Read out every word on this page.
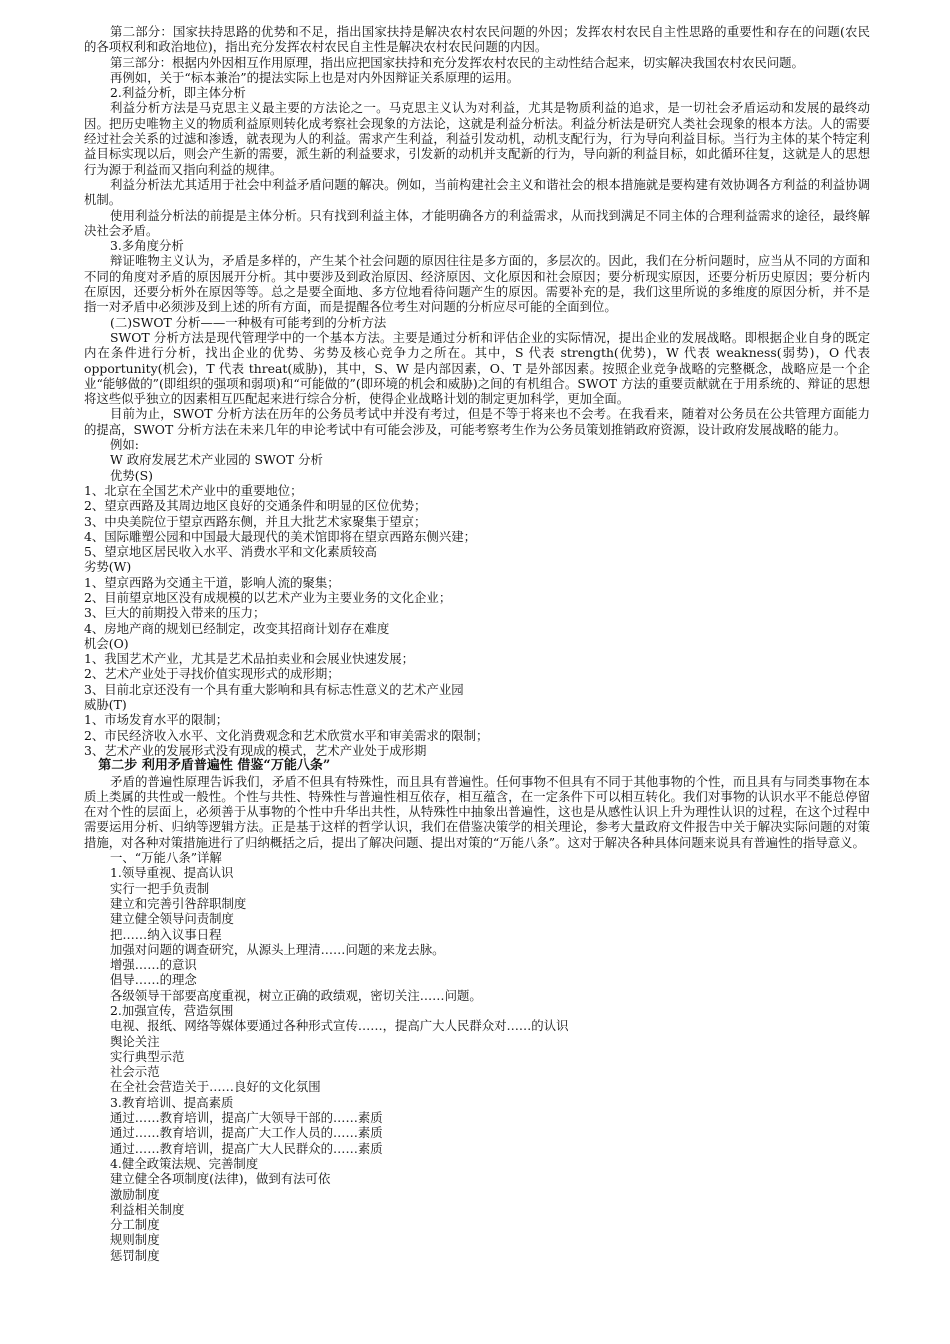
第二部分：国家扶持思路的优势和不足，指出国家扶持是解决农村农民问题的外因；发挥农村农民自主性思路的重要性和存在的问题(农民的各项权利和政治地位)，指出充分发挥农村农民自主性是解决农村农民问题的内因。

第三部分：根据内外因相互作用原理，指出应把国家扶持和充分发挥农村农民的主动性结合起来，切实解决我国农村农民问题。

再例如，关于“标本兼治”的提法实际上也是对内外因辩证关系原理的运用。

2.利益分析，即主体分析

利益分析方法是马克思主义最主要的方法论之一。马克思主义认为对利益，尤其是物质利益的追求，是一切社会矛盾运动和发展的最终动因。把历史唯物主义的物质利益原则转化成考察社会现象的方法论，这就是利益分析法。利益分析法是研究人类社会现象的根本方法。人的需要经过社会关系的过滤和渗透，就表现为人的利益。需求产生利益，利益引发动机，动机支配行为，行为导向利益目标。当行为主体的某个特定利益目标实现以后，则会产生新的需要，派生新的利益要求，引发新的动机并支配新的行为，导向新的利益目标，如此循环往复，这就是人的思想行为源于利益而又指向利益的规律。

利益分析法尤其适用于社会中利益矛盾问题的解决。例如，当前构建社会主义和谐社会的根本措施就是要构建有效协调各方利益的利益协调机制。

使用利益分析法的前提是主体分析。只有找到利益主体，才能明确各方的利益需求，从而找到满足不同主体的合理利益需求的途径，最终解决社会矛盾。

3.多角度分析

辩证唯物主义认为，矛盾是多样的，产生某个社会问题的原因往往是多方面的，多层次的。因此，我们在分析问题时，应当从不同的方面和不同的角度对矛盾的原因展开分析。其中要涉及到政治原因、经济原因、文化原因和社会原因；要分析现实原因，还要分析历史原因；要分析内在原因，还要分析外在原因等等。总之是要全面地、多方位地看待问题产生的原因。需要补充的是，我们这里所说的多维度的原因分析，并不是指一对矛盾中必须涉及到上述的所有方面，而是提醒各位考生对问题的分析应尽可能的全面到位。

(二)SWOT 分析——一种极有可能考到的分析方法

SWOT 分析方法是现代管理学中的一个基本方法。主要是通过分析和评估企业的实际情况，提出企业的发展战略。即根据企业自身的既定内在条件进行分析，找出企业的优势、劣势及核心竞争力之所在。其中，S 代表 strength(优势)，W 代表 weakness(弱势)，O 代表 opportunity(机会)，T 代表 threat(威胁)，其中，S、W 是内部因素，O、T 是外部因素。按照企业竞争战略的完整概念，战略应是一个企业“能够做的”(即组织的强项和弱项)和“可能做的”(即环境的机会和威胁)之间的有机组合。SWOT 方法的重要贡献就在于用系统的、辩证的思想将这些似乎独立的因素相互匹配起来进行综合分析，使得企业战略计划的制定更加科学，更加全面。

目前为止，SWOT 分析方法在历年的公务员考试中并没有考过，但是不等于将来也不会考。在我看来，随着对公务员在公共管理方面能力的提高，SWOT 分析方法在未来几年的申论考试中有可能会涉及，可能考察考生作为公务员策划推销政府资源，设计政府发展战略的能力。

例如:

W 政府发展艺术产业园的 SWOT 分析

优势(S)

1、北京在全国艺术产业中的重要地位；

2、望京西路及其周边地区良好的交通条件和明显的区位优势；

3、中央美院位于望京西路东侧，并且大批艺术家聚集于望京；

4、国际雕塑公园和中国最大最现代的美术馆即将在望京西路东侧兴建；

5、望京地区居民收入水平、消费水平和文化素质较高

劣势(W)

1、望京西路为交通主干道，影响人流的聚集；

2、目前望京地区没有成规模的以艺术产业为主要业务的文化企业；

3、巨大的前期投入带来的压力；

4、房地产商的规划已经制定，改变其招商计划存在难度

机会(O)

1、我国艺术产业，尤其是艺术品拍卖业和会展业快速发展；

2、艺术产业处于寻找价值实现形式的成形期；

3、目前北京还没有一个具有重大影响和具有标志性意义的艺术产业园

威胁(T)

1、市场发育水平的限制；

2、市民经济收入水平、文化消费观念和艺术欣赏水平和审美需求的限制；

3、艺术产业的发展形式没有现成的模式，艺术产业处于成形期

第二步 利用矛盾普遍性 借鉴“万能八条”

矛盾的普遍性原理告诉我们，矛盾不但具有特殊性，而且具有普遍性。任何事物不但具有不同于其他事物的个性，而且具有与同类事物在本质上类属的共性或一般性。个性与共性、特殊性与普遍性相互依存，相互蕴含，在一定条件下可以相互转化。我们对事物的认识水平不能总停留在对个性的层面上，必须善于从事物的个性中升华出共性，从特殊性中抽象出普遍性，这也是从感性认识上升为理性认识的过程，在这个过程中需要运用分析、归纳等逻辑方法。正是基于这样的哲学认识，我们在借鉴决策学的相关理论，参考大量政府文件报告中关于解决实际问题的对策措施，对各种对策措施进行了归纳概括之后，提出了解决问题、提出对策的“万能八条”。这对于解决各种具体问题来说具有普遍性的指导意义。

一、“万能八条”详解

1.领导重视、提高认识

实行一把手负责制

建立和完善引咎辞职制度

建立健全领导问责制度

把……纳入议事日程

加强对问题的调查研究，从源头上理清……问题的来龙去脉。

增强……的意识

倡导……的理念

各级领导干部要高度重视，树立正确的政绩观，密切关注……问题。

2.加强宣传，营造氛围

电视、报纸、网络等媒体要通过各种形式宣传……，提高广大人民群众对……的认识

舆论关注

实行典型示范

社会示范

在全社会营造关于……良好的文化氛围

3.教育培训、提高素质

通过……教育培训，提高广大领导干部的……素质

通过……教育培训，提高广大工作人员的……素质

通过……教育培训，提高广大人民群众的……素质

4.健全政策法规、完善制度

建立健全各项制度(法律)，做到有法可依

激励制度

利益相关制度

分工制度

规则制度

惩罚制度
